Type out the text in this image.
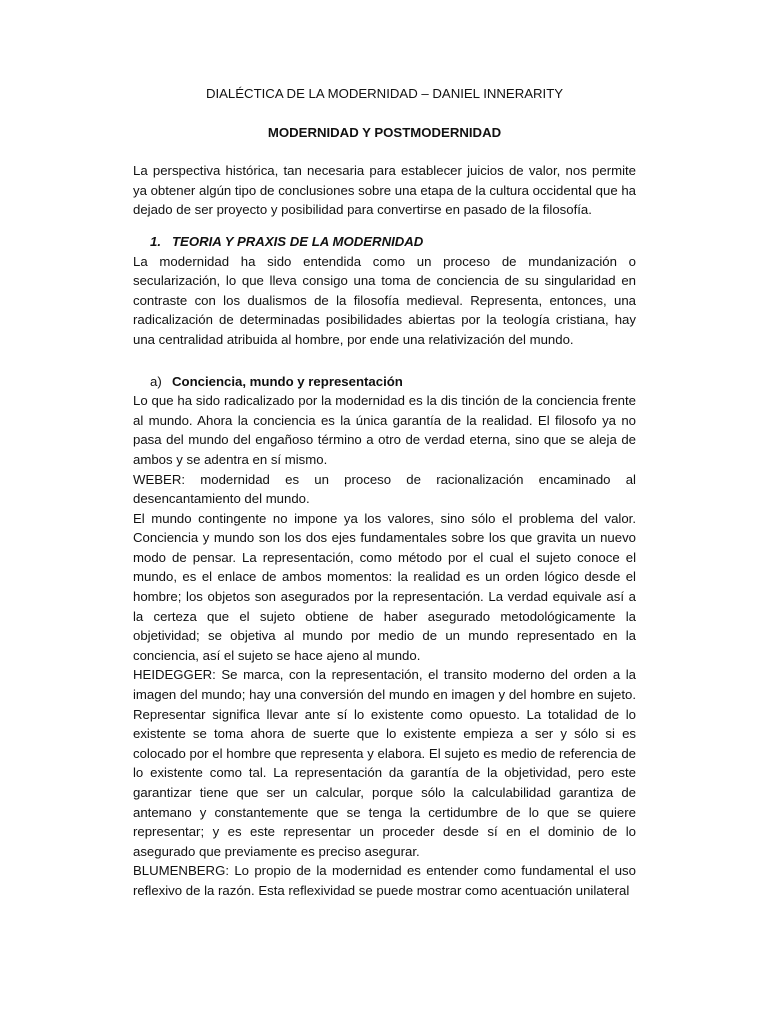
DIALÉCTICA DE LA MODERNIDAD – DANIEL INNERARITY
MODERNIDAD Y POSTMODERNIDAD

La perspectiva histórica, tan necesaria para establecer juicios de valor, nos permite ya obtener algún tipo de conclusiones sobre una etapa de la cultura occidental que ha dejado de ser proyecto y posibilidad para convertirse en pasado de la filosofía.

1. TEORIA Y PRAXIS DE LA MODERNIDAD

La modernidad ha sido entendida como un proceso de mundanización o secularización, lo que lleva consigo una toma de conciencia de su singularidad en contraste con los dualismos de la filosofía medieval. Representa, entonces, una radicalización de determinadas posibilidades abiertas por la teología cristiana, hay una centralidad atribuida al hombre, por ende una relativización del mundo.

a) Conciencia, mundo y representación

Lo que ha sido radicalizado por la modernidad es la dis tinción de la conciencia frente al mundo. Ahora la conciencia es la única garantía de la realidad. El filosofo ya no pasa del mundo del engañoso término a otro de verdad eterna, sino que se aleja de ambos y se adentra en sí mismo.

WEBER: modernidad es un proceso de racionalización encaminado al desencantamiento del mundo.

El mundo contingente no impone ya los valores, sino sólo el problema del valor. Conciencia y mundo son los dos ejes fundamentales sobre los que gravita un nuevo modo de pensar. La representación, como método por el cual el sujeto conoce el mundo, es el enlace de ambos momentos: la realidad es un orden lógico desde el hombre; los objetos son asegurados por la representación. La verdad equivale así a la certeza que el sujeto obtiene de haber asegurado metodológicamente la objetividad; se objetiva al mundo por medio de un mundo representado en la conciencia, así el sujeto se hace ajeno al mundo.

HEIDEGGER: Se marca, con la representación, el transito moderno del orden a la imagen del mundo; hay una conversión del mundo en imagen y del hombre en sujeto. Representar significa llevar ante sí lo existente como opuesto. La totalidad de lo existente se toma ahora de suerte que lo existente empieza a ser y sólo si es colocado por el hombre que representa y elabora. El sujeto es medio de referencia de lo existente como tal. La representación da garantía de la objetividad, pero este garantizar tiene que ser un calcular, porque sólo la calculabilidad garantiza de antemano y constantemente que se tenga la certidumbre de lo que se quiere representar; y es este representar un proceder desde sí en el dominio de lo asegurado que previamente es preciso asegurar.

BLUMENBERG: Lo propio de la modernidad es entender como fundamental el uso reflexivo de la razón. Esta reflexividad se puede mostrar como acentuación unilateral
